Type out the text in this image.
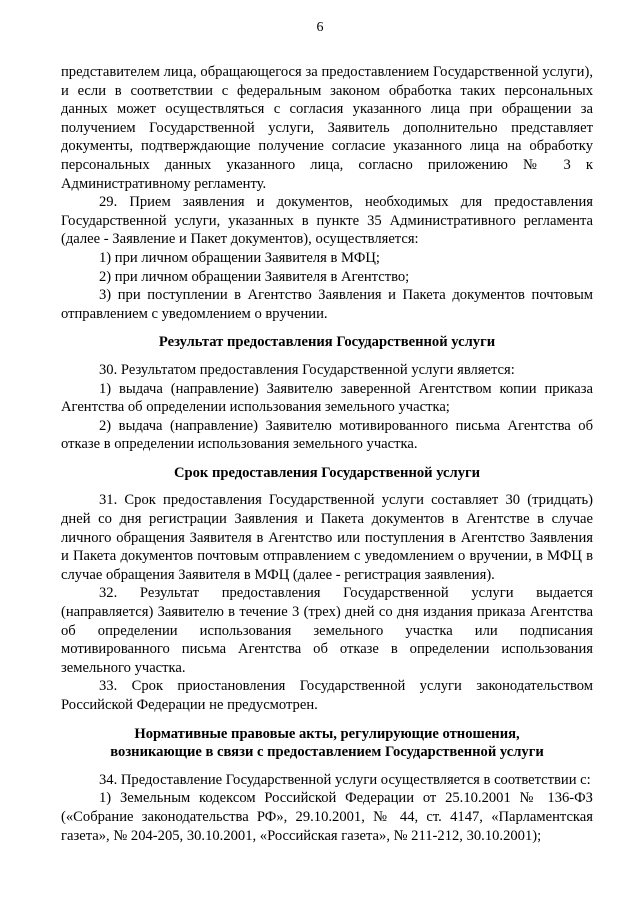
6

представителем лица, обращающегося за предоставлением Государственной услуги), и если в соответствии с федеральным законом обработка таких персональных данных может осуществляться с согласия указанного лица при обращении за получением Государственной услуги, Заявитель дополнительно представляет документы, подтверждающие получение согласие указанного лица на обработку персональных данных указанного лица, согласно приложению № 3 к Административному регламенту.

29. Прием заявления и документов, необходимых для предоставления Государственной услуги, указанных в пункте 35 Административного регламента (далее - Заявление и Пакет документов), осуществляется:

1) при личном обращении Заявителя в МФЦ;

2) при личном обращении Заявителя в Агентство;

3) при поступлении в Агентство Заявления и Пакета документов почтовым отправлением с уведомлением о вручении.

Результат предоставления Государственной услуги

30. Результатом предоставления Государственной услуги является:

1) выдача (направление) Заявителю заверенной Агентством копии приказа Агентства об определении использования земельного участка;

2) выдача (направление) Заявителю мотивированного письма Агентства об отказе в определении использования земельного участка.

Срок предоставления Государственной услуги

31. Срок предоставления Государственной услуги составляет 30 (тридцать) дней со дня регистрации Заявления и Пакета документов в Агентстве в случае личного обращения Заявителя в Агентство или поступления в Агентство Заявления и Пакета документов почтовым отправлением с уведомлением о вручении, в МФЦ в случае обращения Заявителя в МФЦ (далее - регистрация заявления).

32. Результат предоставления Государственной услуги выдается (направляется) Заявителю в течение 3 (трех) дней со дня издания приказа Агентства об определении использования земельного участка или подписания мотивированного письма Агентства об отказе в определении использования земельного участка.

33. Срок приостановления Государственной услуги законодательством Российской Федерации не предусмотрен.

Нормативные правовые акты, регулирующие отношения,

возникающие в связи с предоставлением Государственной услуги

34. Предоставление Государственной услуги осуществляется в соответствии с:

1) Земельным кодексом Российской Федерации от 25.10.2001 № 136-ФЗ («Собрание законодательства РФ», 29.10.2001, № 44, ст. 4147, «Парламентская газета», № 204-205, 30.10.2001, «Российская газета», № 211-212, 30.10.2001);
